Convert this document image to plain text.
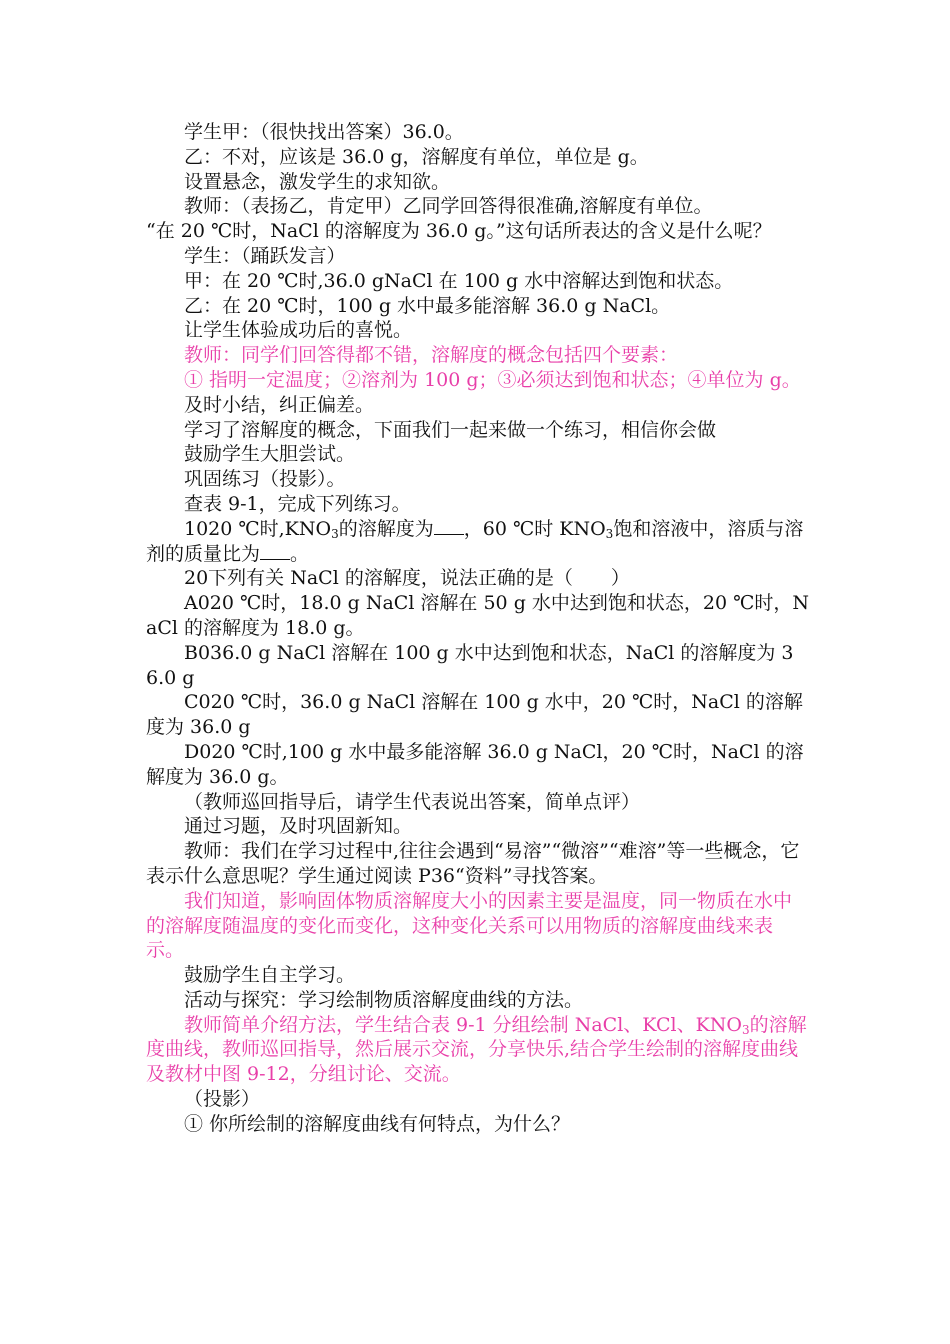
学生甲：（很快找出答案）36.0。

乙：不对，应该是 36.0 g，溶解度有单位，单位是 g。

设置悬念，激发学生的求知欲。

教师：（表扬乙，肯定甲）乙同学回答得很准确,溶解度有单位。

“在 20 ℃时，NaCl 的溶解度为 36.0 g。”这句话所表达的含义是什么呢？

学生：（踊跃发言）

甲：在 20 ℃时,36.0 gNaCl 在 100 g 水中溶解达到饱和状态。

乙：在 20 ℃时，100 g 水中最多能溶解 36.0 g NaCl。

让学生体验成功后的喜悦。

教师：同学们回答得都不错，溶解度的概念包括四个要素：

① 指明一定温度；②溶剂为 100 g；③必须达到饱和状态；④单位为 g。

及时小结，纠正偏差。

学习了溶解度的概念，下面我们一起来做一个练习，相信你会做

鼓励学生大胆尝试。

巩固练习（投影）。

查表 9-1，完成下列练习。

1020 ℃时$,KNO_3$的溶解度为 ，60 ℃时 $KNO_3$饱和溶液中，溶质与溶剂的质量比为 。

20下列有关 NaCl 的溶解度，说法正确的是（　　）

A020 ℃时，18.0 g NaCl 溶解在 50 g 水中达到饱和状态，20 ℃时，NaCl 的溶解度为 18.0 g。

B036.0 g NaCl 溶解在 100 g 水中达到饱和状态，NaCl 的溶解度为 36.0 g

C020 ℃时，36.0 g NaCl 溶解在 100 g 水中，20 ℃时，NaCl 的溶解度为 36.0 g

D020 ℃时,100 g 水中最多能溶解 36.0 g NaCl，20 ℃时，NaCl 的溶解度为 36.0 g。

（教师巡回指导后，请学生代表说出答案，简单点评）

通过习题，及时巩固新知。

教师：我们在学习过程中,往往会遇到“易溶”“微溶”“难溶”等一些概念，它表示什么意思呢？学生通过阅读 P36“资料”寻找答案。

我们知道，影响固体物质溶解度大小的因素主要是温度，同一物质在水中的溶解度随温度的变化而变化，这种变化关系可以用物质的溶解度曲线来表示。

鼓励学生自主学习。

活动与探究：学习绘制物质溶解度曲线的方法。

教师简单介绍方法，学生结合表 9-1 分组绘制 NaCl、KCl、$KNO_3$的溶解度曲线，教师巡回指导，然后展示交流，分享快乐,结合学生绘制的溶解度曲线及教材中图 9-12，分组讨论、交流。

（投影）

① 你所绘制的溶解度曲线有何特点，为什么？
